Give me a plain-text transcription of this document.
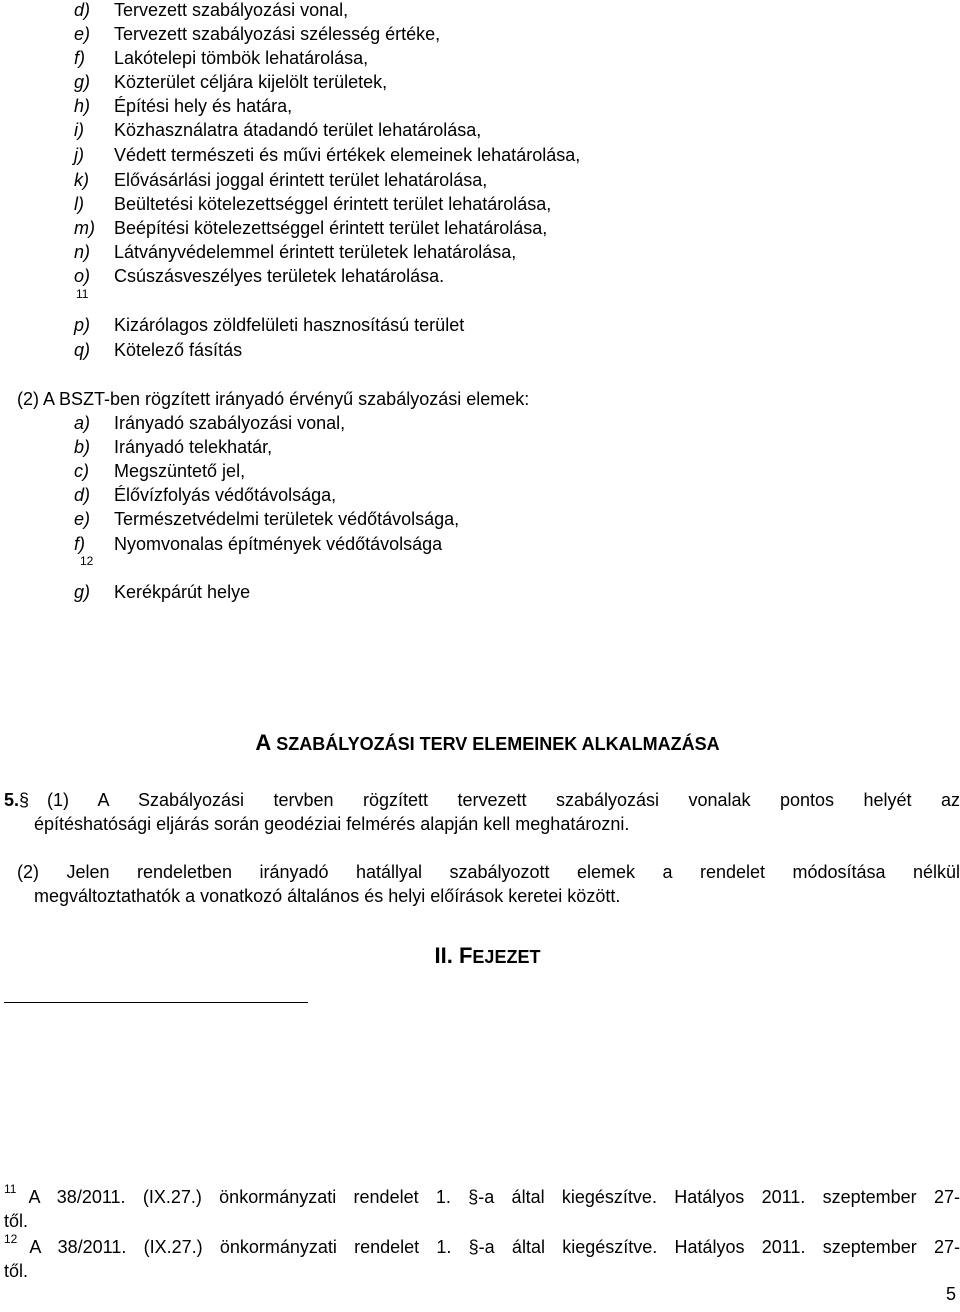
d) Tervezett szabályozási vonal,
e) Tervezett szabályozási szélesség értéke,
f) Lakótelepi tömbök lehatárolása,
g) Közterület céljára kijelölt területek,
h) Építési hely és határa,
i) Közhasználatra átadandó terület lehatárolása,
j) Védett természeti és művi értékek elemeinek lehatárolása,
k) Elővásárlási joggal érintett terület lehatárolása,
l) Beültetési kötelezettséggel érintett terület lehatárolása,
m) Beépítési kötelezettséggel érintett terület lehatárolása,
n) Látványvédelemmel érintett területek lehatárolása,
o) Csúszásveszélyes területek lehatárolása.
11
p) Kizárólagos zöldfelületi hasznosítású terület
q) Kötelező fásítás
(2) A BSZT-ben rögzített irányadó érvényű szabályozási elemek:
a) Irányadó szabályozási vonal,
b) Irányadó telekhatár,
c) Megszüntető jel,
d) Élővízfolyás védőtávolsága,
e) Természetvédelmi területek védőtávolsága,
f) Nyomvonalas építmények védőtávolsága
12
g) Kerékpárút helye
A SZABÁLYOZÁSI TERV ELEMEINEK ALKALMAZÁSA
5.§ (1) A Szabályozási tervben rögzített tervezett szabályozási vonalak pontos helyét az
építéshatósági eljárás során geodéziai felmérés alapján kell meghatározni.
(2) Jelen rendeletben irányadó hatállyal szabályozott elemek a rendelet módosítása nélkül
megváltoztathatók a vonatkozó általános és helyi előírások keretei között.
II. FEJEZET
$^{11}$ A 38/2011. (IX.27.) önkormányzati rendelet 1. §-a által kiegészítve. Hatályos 2011. szeptember 27-
től.
$^{12}$ A 38/2011. (IX.27.) önkormányzati rendelet 1. §-a által kiegészítve. Hatályos 2011. szeptember 27-
től.
5
